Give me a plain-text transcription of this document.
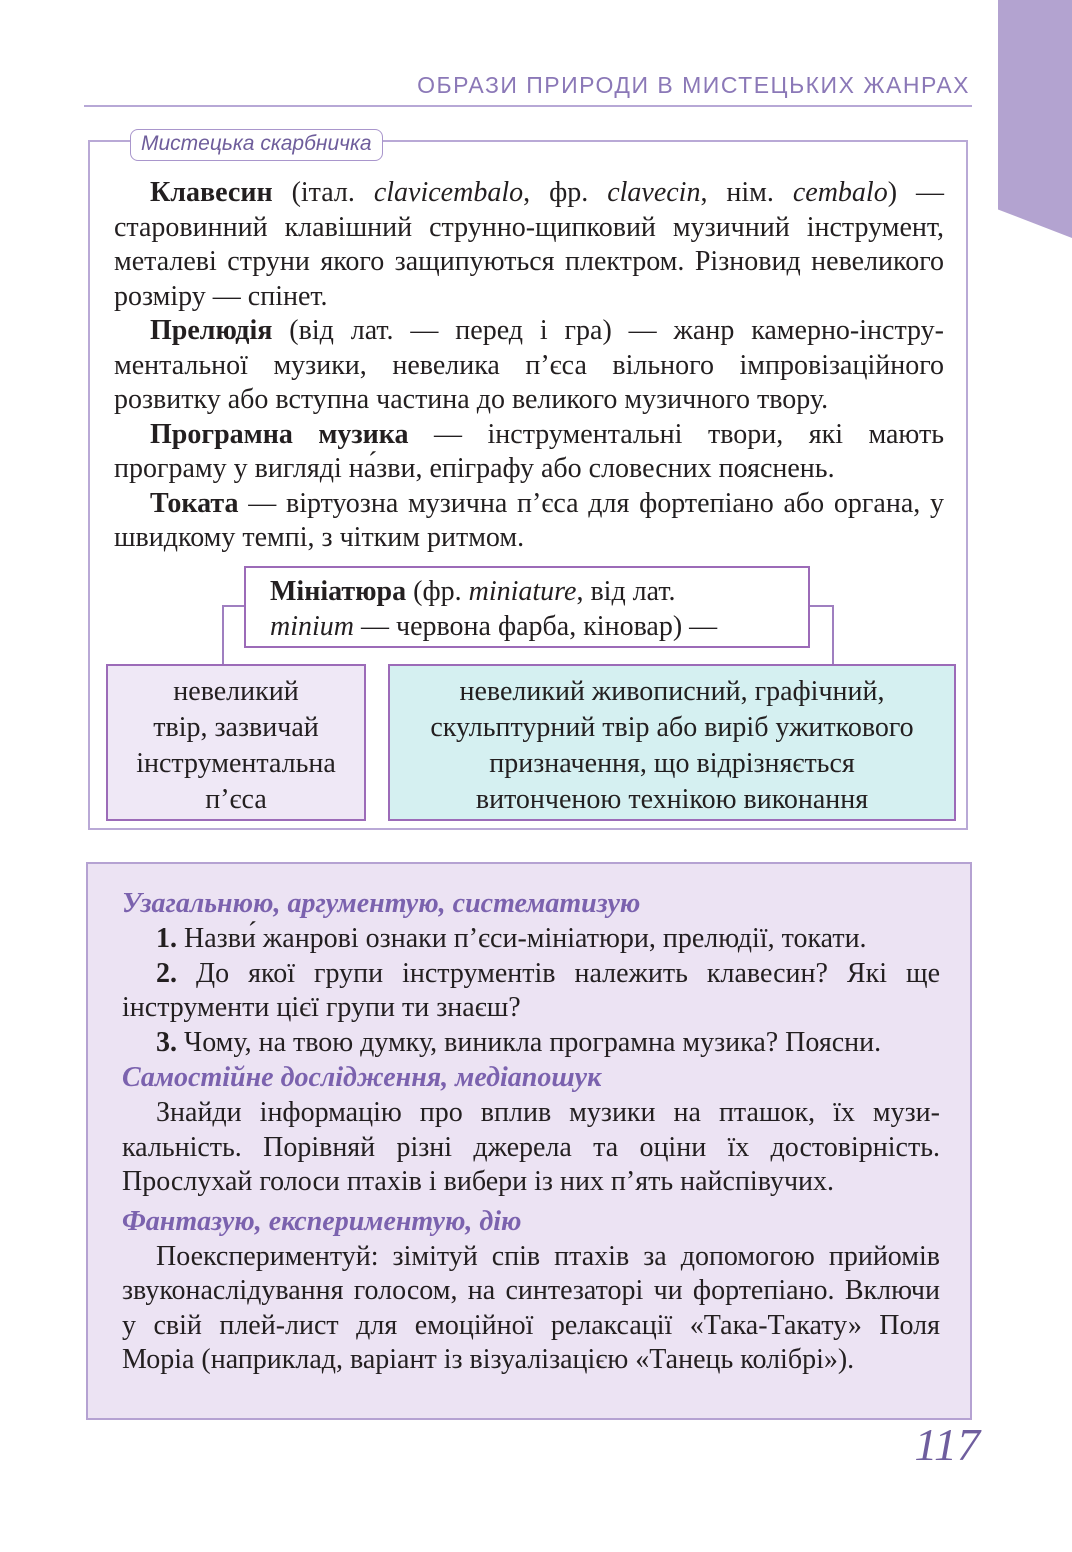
ОБРАЗИ ПРИРОДИ В МИСТЕЦЬКИХ ЖАНРАХ
Мистецька скарбничка

Клавесин (італ. clavicembalo, фр. clavecin, нім. cembalo) — старовинний клавішний струнно-щипковий музичний інструмент, металеві струни якого защипуються плектром. Різновид невеликого розміру — спінет.

Прелюдія (від лат. — перед і гра) — жанр камерно-інструментальної музики, невелика п’єса вільного імпровізаційного розвитку або вступна частина до великого музичного твору.

Програмна музика — інструментальні твори, які мають програму у вигляді на́зви, епіграфу або словесних пояснень.

Токата — віртуозна музична п’єса для фортепіано або органа, у швидкому темпі, з чітким ритмом.

Мініатюра (фр. miniature, від лат.
minium — червона фарба, кіновар) —
невеликий
твір, зазвичай
інструментальна
п’єса
невеликий живописний, графічний,
скульптурний твір або виріб ужиткового
призначення, що відрізняється
витонченою технікою виконання
Узагальнюю, аргументую, систематизую

1. Назви́ жанрові ознаки п’єси-мініатюри, прелюдії, токати.

2. До якої групи інструментів належить клавесин? Які ще інструменти цієї групи ти знаєш?

3. Чому, на твою думку, виникла програмна музика? Поясни.

Самостійне дослідження, медіапошук

Знайди інформацію про вплив музики на пташок, їх музикальність. Порівняй різні джерела та оціни їх достовірність. Прослухай голоси птахів і вибери із них п’ять найспівучих.

Фантазую, експериментую, дію

Поекспериментуй: зімітуй спів птахів за допомогою прийомів звуконаслідування голосом, на синтезаторі чи фортепіано. Включи у свій плей-лист для емоційної релаксації «Така-Такату» Поля Моріа (наприклад, варіант із візуалізацією «Танець колібрі»).

117
